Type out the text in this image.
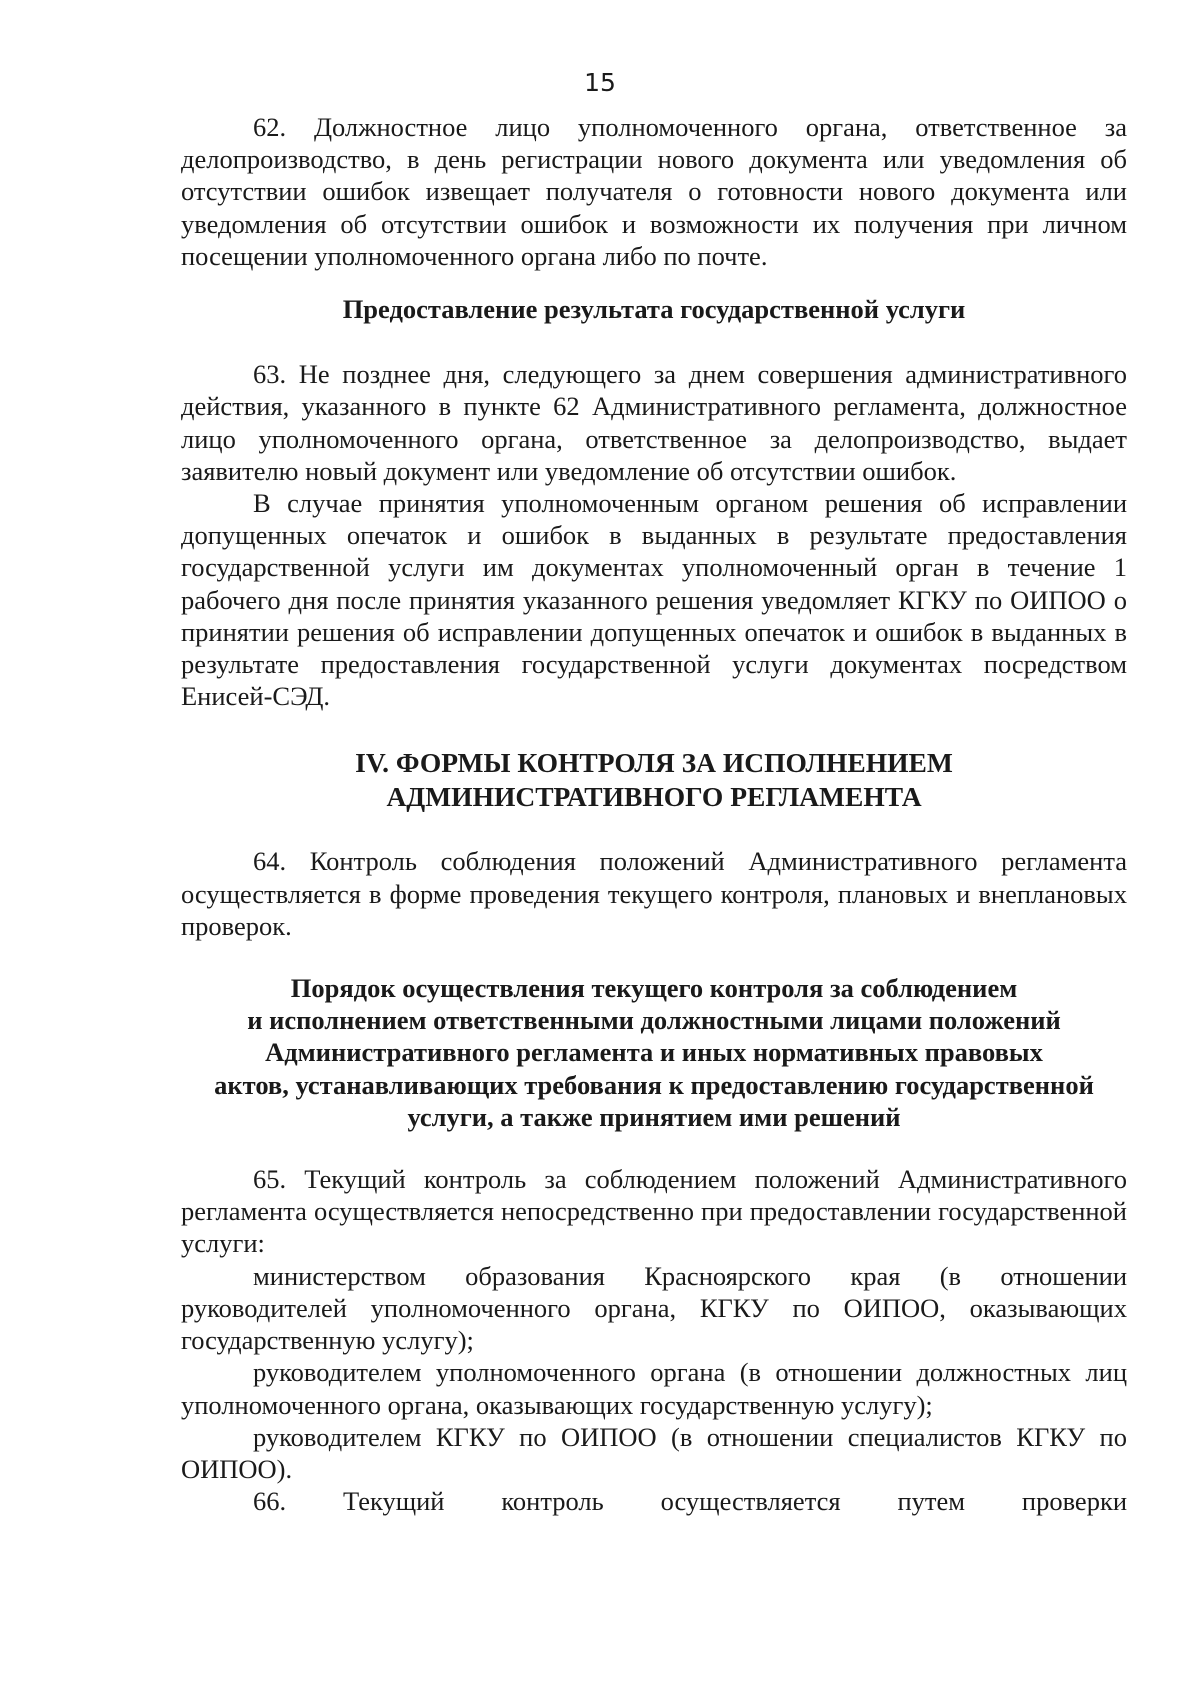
15

62. Должностное лицо уполномоченного органа, ответственное за делопроизводство, в день регистрации нового документа или уведомления об отсутствии ошибок извещает получателя о готовности нового документа или уведомления об отсутствии ошибок и возможности их получения при личном посещении уполномоченного органа либо по почте.

Предоставление результата государственной услуги

63. Не позднее дня, следующего за днем совершения административного действия, указанного в пункте 62 Административного регламента, должностное лицо уполномоченного органа, ответственное за делопроизводство, выдает заявителю новый документ или уведомление об отсутствии ошибок.

В случае принятия уполномоченным органом решения об исправлении допущенных опечаток и ошибок в выданных в результате предоставления государственной услуги им документах уполномоченный орган в течение 1 рабочего дня после принятия указанного решения уведомляет КГКУ по ОИПОО о принятии решения об исправлении допущенных опечаток и ошибок в выданных в результате предоставления государственной услуги документах посредством Енисей-СЭД.

IV. ФОРМЫ КОНТРОЛЯ ЗА ИСПОЛНЕНИЕМ
АДМИНИСТРАТИВНОГО РЕГЛАМЕНТА

64. Контроль соблюдения положений Административного регламента осуществляется в форме проведения текущего контроля, плановых и внеплановых проверок.

Порядок осуществления текущего контроля за соблюдением
и исполнением ответственными должностными лицами положений
Административного регламента и иных нормативных правовых
актов, устанавливающих требования к предоставлению государственной
услуги, а также принятием ими решений

65. Текущий контроль за соблюдением положений Административного регламента осуществляется непосредственно при предоставлении государственной услуги:

министерством образования Красноярского края (в отношении руководителей уполномоченного органа, КГКУ по ОИПОО, оказывающих государственную услугу);

руководителем уполномоченного органа (в отношении должностных лиц уполномоченного органа, оказывающих государственную услугу);

руководителем КГКУ по ОИПОО (в отношении специалистов КГКУ по ОИПОО).

66. Текущий контроль осуществляется путем проверки
